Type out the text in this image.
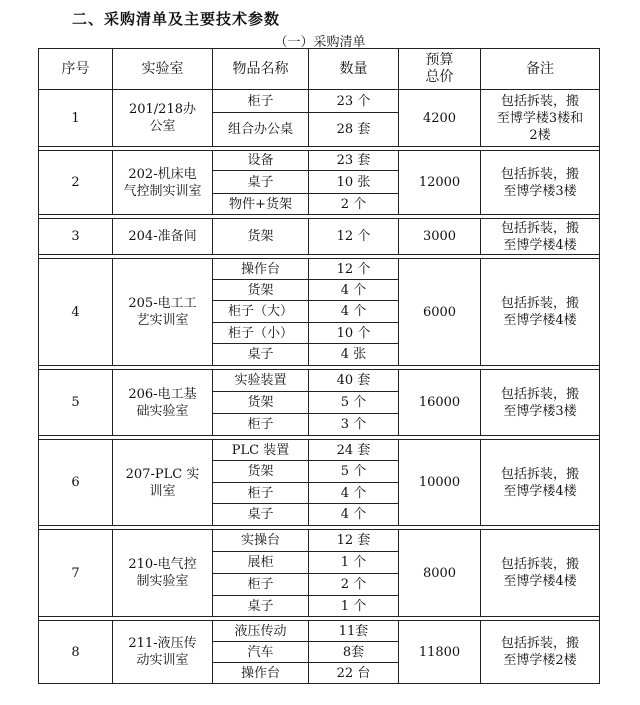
二、采购清单及主要技术参数
（一）采购清单
序号	实验室	物品名称	数量	预算总价	备注
1	201/218办公室	柜子	23 个	4200	包括拆装，搬至博学楼3楼和2楼
		组合办公桌	28 套		

2	202-机床电气控制实训室	设备	23 套	12000	包括拆装，搬至博学楼3楼
		桌子	10 张		
		物件+货架	2 个		

3	204-准备间	货架	12 个	3000	包括拆装，搬至博学楼4楼

4	205-电工工艺实训室	操作台	12 个	6000	包括拆装，搬至博学楼4楼
		货架	4 个		
		柜子（大）	4 个		
		柜子（小）	10 个		
		桌子	4 张		

5	206-电工基础实验室	实验装置	40 套	16000	包括拆装，搬至博学楼3楼
		货架	5 个		
		柜子	3 个		

6	207-PLC 实训室	PLC 装置	24 套	10000	包括拆装，搬至博学楼4楼
		货架	5 个		
		柜子	4 个		
		桌子	4 个		

7	210-电气控制实验室	实操台	12 套	8000	包括拆装，搬至博学楼4楼
		展柜	1 个		
		柜子	2 个		
		桌子	1 个		

8	211-液压传动实训室	液压传动	11套	11800	包括拆装，搬至博学楼2楼
		汽车	8套		
		操作台	22 台		
